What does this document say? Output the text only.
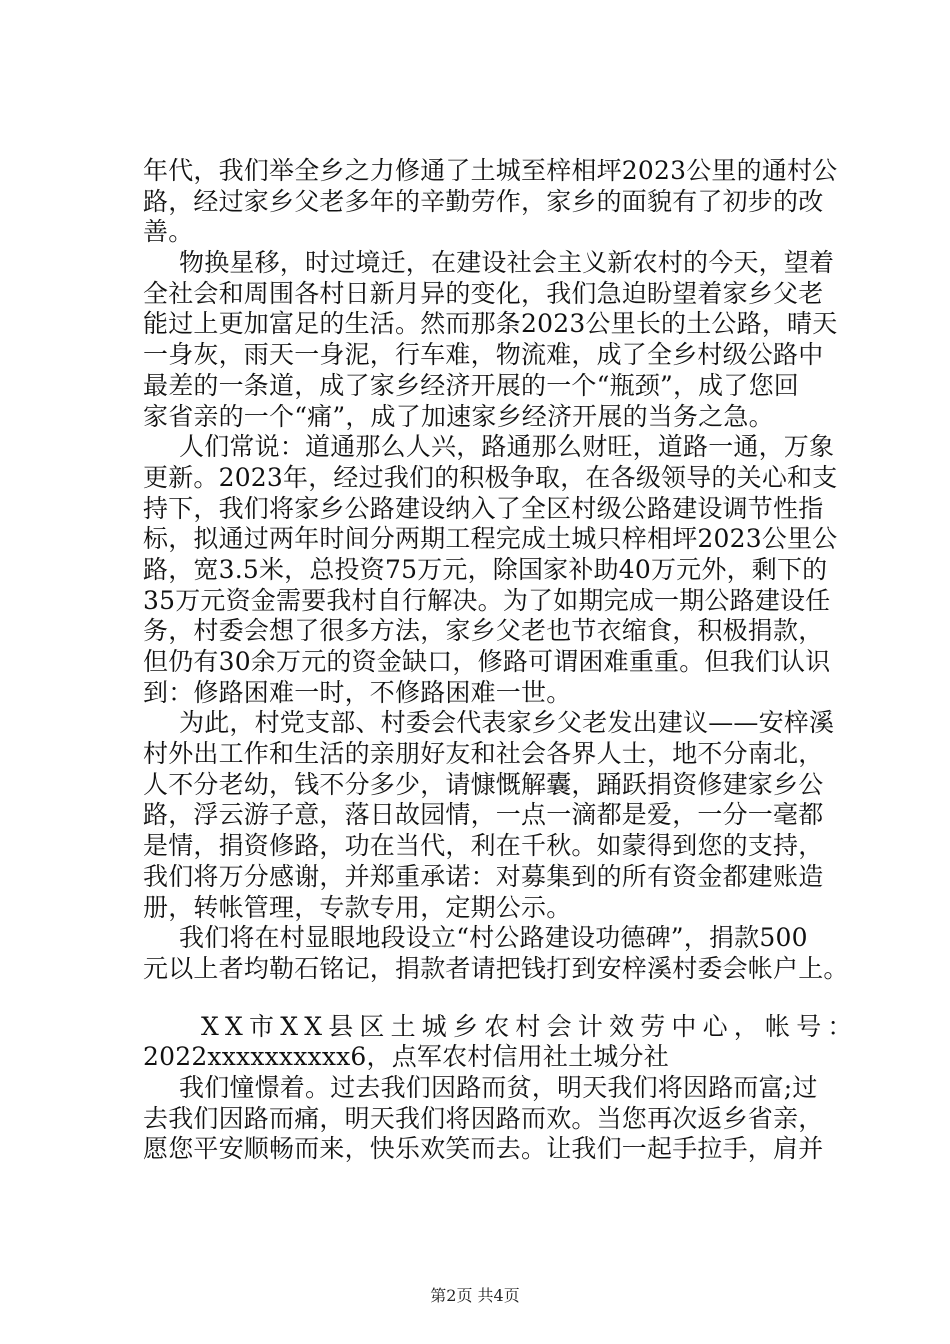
年代，我们举全乡之力修通了土城至梓相坪2023公里的通村公
路，经过家乡父老多年的辛勤劳作，家乡的面貌有了初步的改
善。
物换星移，时过境迁，在建设社会主义新农村的今天，望着
全社会和周围各村日新月异的变化，我们急迫盼望着家乡父老
能过上更加富足的生活。然而那条2023公里长的土公路，晴天
一身灰，雨天一身泥，行车难，物流难，成了全乡村级公路中
最差的一条道，成了家乡经济开展的一个“瓶颈”，成了您回
家省亲的一个“痛”，成了加速家乡经济开展的当务之急。
人们常说：道通那么人兴，路通那么财旺，道路一通，万象
更新。2023年，经过我们的积极争取，在各级领导的关心和支
持下，我们将家乡公路建设纳入了全区村级公路建设调节性指
标，拟通过两年时间分两期工程完成土城只梓相坪2023公里公
路，宽3.5米，总投资75万元，除国家补助40万元外，剩下的
35万元资金需要我村自行解决。为了如期完成一期公路建设任
务，村委会想了很多方法，家乡父老也节衣缩食，积极捐款，
但仍有30余万元的资金缺口，修路可谓困难重重。但我们认识
到：修路困难一时，不修路困难一世。
为此，村党支部、村委会代表家乡父老发出建议——安梓溪
村外出工作和生活的亲朋好友和社会各界人士，地不分南北，
人不分老幼，钱不分多少，请慷慨解囊，踊跃捐资修建家乡公
路，浮云游子意，落日故园情，一点一滴都是爱，一分一毫都
是情，捐资修路，功在当代，利在千秋。如蒙得到您的支持，
我们将万分感谢，并郑重承诺：对募集到的所有资金都建账造
册，转帐管理，专款专用，定期公示。
我们将在村显眼地段设立“村公路建设功德碑”，捐款500
元以上者均勒石铭记，捐款者请把钱打到安梓溪村委会帐户上。
XX市XX县区土城乡农村会计效劳中心，帐号：
2022xxxxxxxxxx6，点军农村信用社土城分社
我们憧憬着。过去我们因路而贫，明天我们将因路而富;过
去我们因路而痛，明天我们将因路而欢。当您再次返乡省亲，
愿您平安顺畅而来，快乐欢笑而去。让我们一起手拉手，肩并
第2页 共4页
